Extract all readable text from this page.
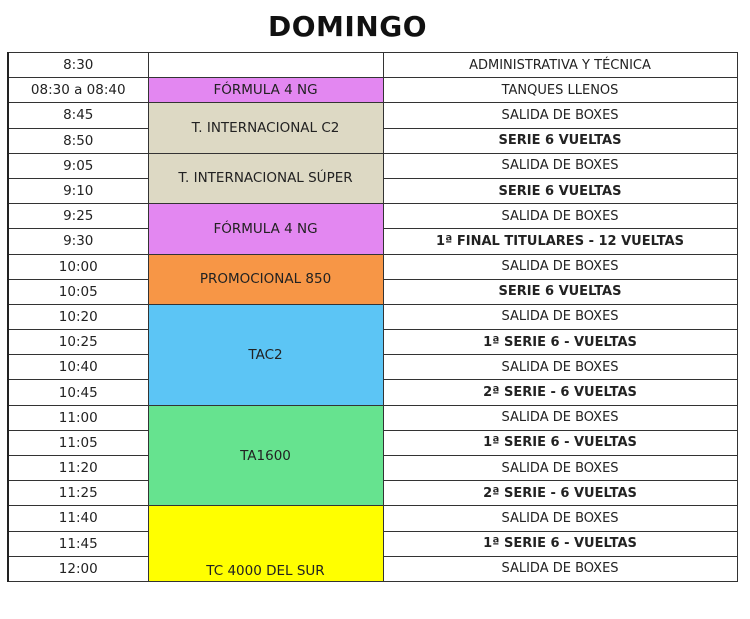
DOMINGO
8:30		ADMINISTRATIVA Y TÉCNICA
08:30 a 08:40	FÓRMULA 4 NG	TANQUES LLENOS
8:45	T. INTERNACIONAL C2	SALIDA DE BOXES
8:50		SERIE 6 VUELTAS
9:05	T. INTERNACIONAL SÚPER	SALIDA DE BOXES
9:10		SERIE 6 VUELTAS
9:25	FÓRMULA 4 NG	SALIDA DE BOXES
9:30		1ª FINAL TITULARES - 12 VUELTAS
10:00	PROMOCIONAL 850	SALIDA DE BOXES
10:05		SERIE 6 VUELTAS
10:20	TAC2	SALIDA DE BOXES
10:25		1ª SERIE 6 - VUELTAS
10:40		SALIDA DE BOXES
10:45		2ª SERIE - 6 VUELTAS
11:00	TA1600	SALIDA DE BOXES
11:05		1ª SERIE 6 - VUELTAS
11:20		SALIDA DE BOXES
11:25		2ª SERIE - 6 VUELTAS
11:40	TC 4000 DEL SUR	SALIDA DE BOXES
11:45		1ª SERIE 6 - VUELTAS
12:00		SALIDA DE BOXES
